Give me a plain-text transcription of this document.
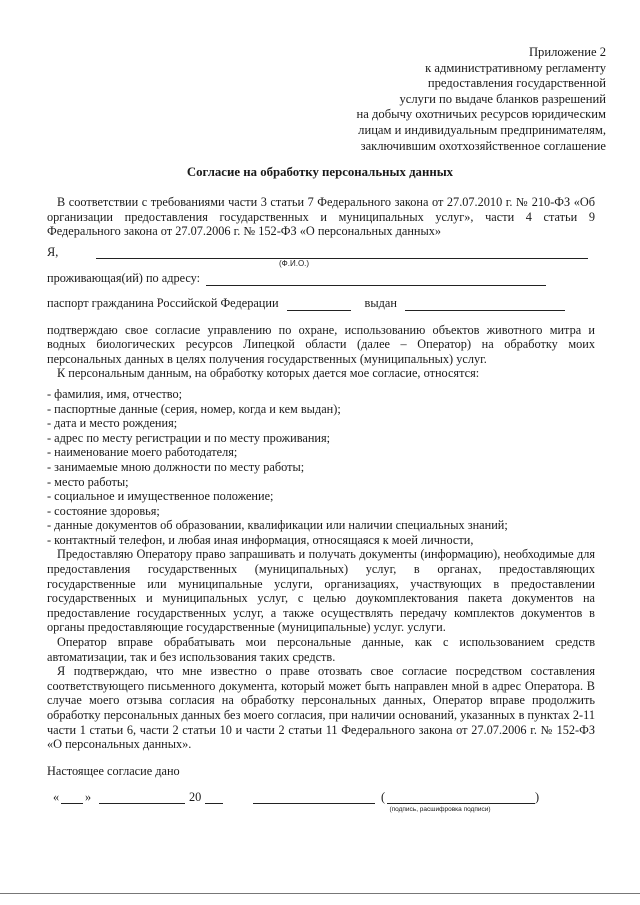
Приложение 2
к административному регламенту
предоставления государственной
услуги по выдаче бланков разрешений
на добычу охотничьих ресурсов юридическим
лицам и индивидуальным предпринимателям,
заключившим охотхозяйственное соглашение
Согласие на обработку персональных данных

В соответствии с требованиями части 3 статьи 7 Федерального закона от 27.07.2010 г. № 210-ФЗ «Об организации предоставления государственных и муниципальных услуг», части 4 статьи 9 Федерального закона от 27.07.2006 г. № 152-ФЗ «О персональных данных»

Я,
(Ф.И.О.)
проживающая(ий) по адресу:
паспорт гражданина Российской Федерации	выдан

подтверждаю свое согласие управлению по охране, использованию объектов животного митра и водных биологических ресурсов Липецкой области (далее – Оператор) на обработку моих персональных данных в целях получения государственных (муниципальных) услуг.

К персональным данным, на обработку которых дается мое согласие, относятся:

- фамилия, имя, отчество;
- паспортные данные (серия, номер, когда и кем выдан);
- дата и место рождения;
- адрес по месту регистрации и по месту проживания;
- наименование моего работодателя;
- занимаемые мною должности по месту работы;
- место работы;
- социальное и имущественное положение;
- состояние здоровья;
- данные документов об образовании, квалификации или наличии специальных знаний;
- контактный телефон, и любая иная информация, относящаяся к моей личности,

Предоставляю Оператору право запрашивать и получать документы (информацию), необходимые для предоставления государственных (муниципальных) услуг, в органах, предоставляющих государственные или муниципальные услуги, организациях, участвующих в предоставлении государственных и муниципальных услуг, с целью доукомплектования пакета документов на предоставление государственных услуг, а также осуществлять передачу комплектов документов в органы предоставляющие государственные (муниципальные) услуг. услуги.

Оператор вправе обрабатывать мои персональные данные, как с использованием средств автоматизации, так и без использования таких средств.

Я подтверждаю, что мне известно о праве отозвать свое согласие посредством составления соответствующего письменного документа, который может быть направлен мной в адрес Оператора. В случае моего отзыва согласия на обработку персональных данных, Оператор вправе продолжить обработку персональных данных без моего согласия, при наличии оснований, указанных в пунктах 2-11 части 1 статьи 6, части 2 статьи 10 и части 2 статьи 11 Федерального закона от 27.07.2006 г. № 152-ФЗ «О персональных данных».

Настоящее согласие дано

« »	20	(	)
(подпись, расшифровка подписи)
